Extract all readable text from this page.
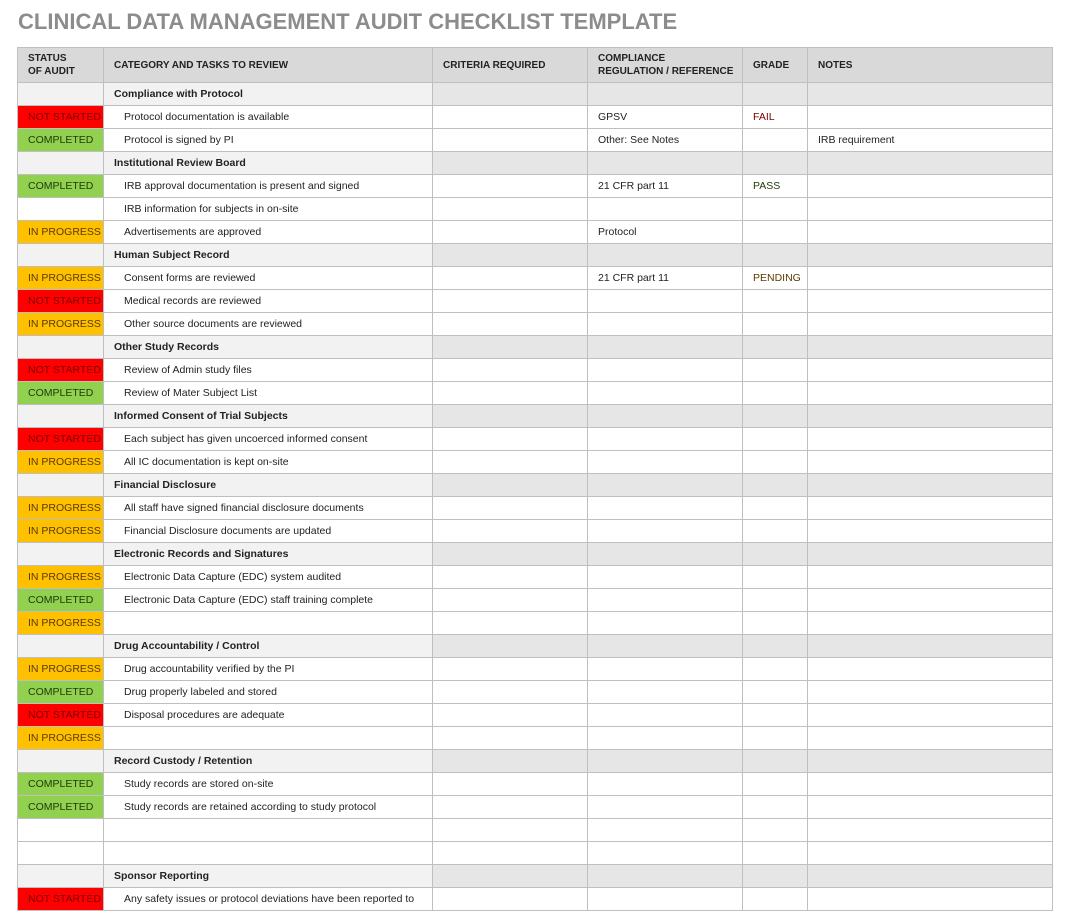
CLINICAL DATA MANAGEMENT AUDIT CHECKLIST TEMPLATE
STATUS
OF AUDIT	CATEGORY AND TASKS TO REVIEW	CRITERIA REQUIRED	COMPLIANCE
REGULATION / REFERENCE	GRADE	NOTES
	Compliance with Protocol				
NOT STARTED	Protocol documentation is available		GPSV	FAIL	
COMPLETED	Protocol is signed by PI		Other: See Notes		IRB requirement
	Institutional Review Board				
COMPLETED	IRB approval documentation is present and signed		21 CFR part 11	PASS	
	IRB information for subjects in on-site				
IN PROGRESS	Advertisements are approved		Protocol		
	Human Subject Record				
IN PROGRESS	Consent forms are reviewed		21 CFR part 11	PENDING	
NOT STARTED	Medical records are reviewed				
IN PROGRESS	Other source documents are reviewed				
	Other Study Records				
NOT STARTED	Review of Admin study files				
COMPLETED	Review of Mater Subject List				
	Informed Consent of Trial Subjects				
NOT STARTED	Each subject has given uncoerced informed consent				
IN PROGRESS	All IC documentation is kept on-site				
	Financial Disclosure				
IN PROGRESS	All staff have signed financial disclosure documents				
IN PROGRESS	Financial Disclosure documents are updated				
	Electronic Records and Signatures				
IN PROGRESS	Electronic Data Capture (EDC) system audited				
COMPLETED	Electronic Data Capture (EDC) staff training complete				
IN PROGRESS					
	Drug Accountability / Control				
IN PROGRESS	Drug accountability verified by the PI				
COMPLETED	Drug properly labeled and stored				
NOT STARTED	Disposal procedures are adequate				
IN PROGRESS					
	Record Custody / Retention				
COMPLETED	Study records are stored on-site				
COMPLETED	Study records are retained according to study protocol				

	Sponsor Reporting				
NOT STARTED	Any safety issues or protocol deviations have been reported to				
